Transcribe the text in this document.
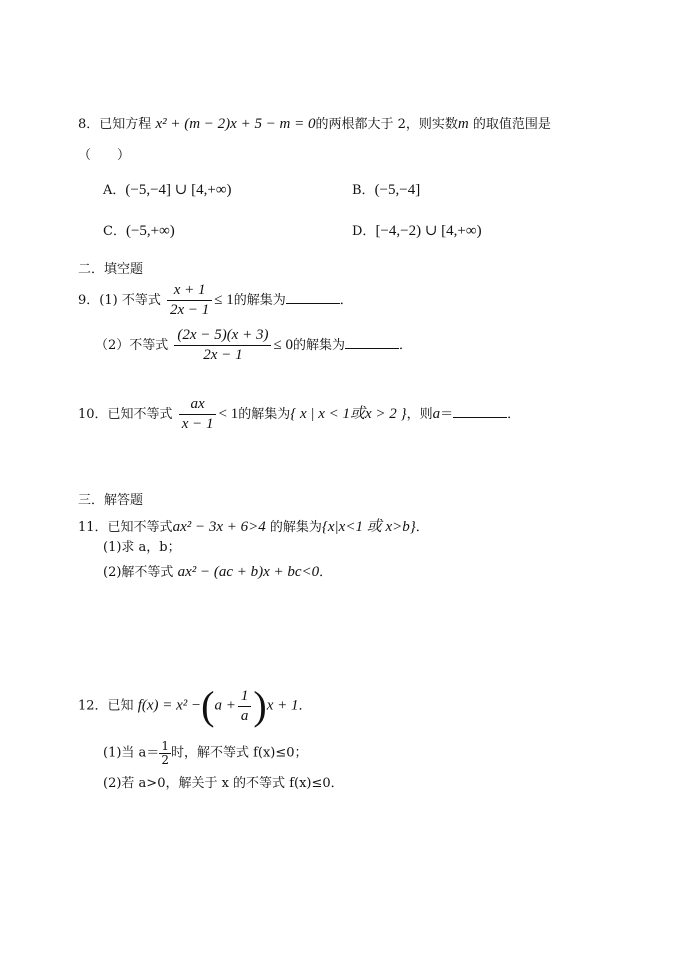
8．已知方程 x² + (m − 2)x + 5 − m = 0的两根都大于 2，则实数m 的取值范围是
（　　）
A．(−5,−4] ∪ [4,+∞)	B．(−5,−4]
C．(−5,+∞)	D．[−4,−2) ∪ [4,+∞)
二．填空题
9．(1) 不等式 $\frac{x + 1}{2x - 1} \le 1$的解集为	．
（2）不等式 $\frac{(2x - 5)(x + 3)}{2x - 1} \le 0$的解集为	．
10．已知不等式 $\frac{ax}{x - 1} < 1$的解集为{ x | x < 1或x > 2 }，则a＝	．
三．解答题
11．已知不等式ax² − 3x + 6>4 的解集为{x|x<1 或 x>b}．
(1)求 a，b；
(2)解不等式 ax² − (ac + b)x + bc<0．
12．已知 $f(x) = x^2 -(a + \frac{1}{a} )x + 1$．
(1)当 $a= \frac{1}{2}$ 时，解不等式 f(x)≤0；
(2)若 a>0，解关于 x 的不等式 f(x)≤0．
